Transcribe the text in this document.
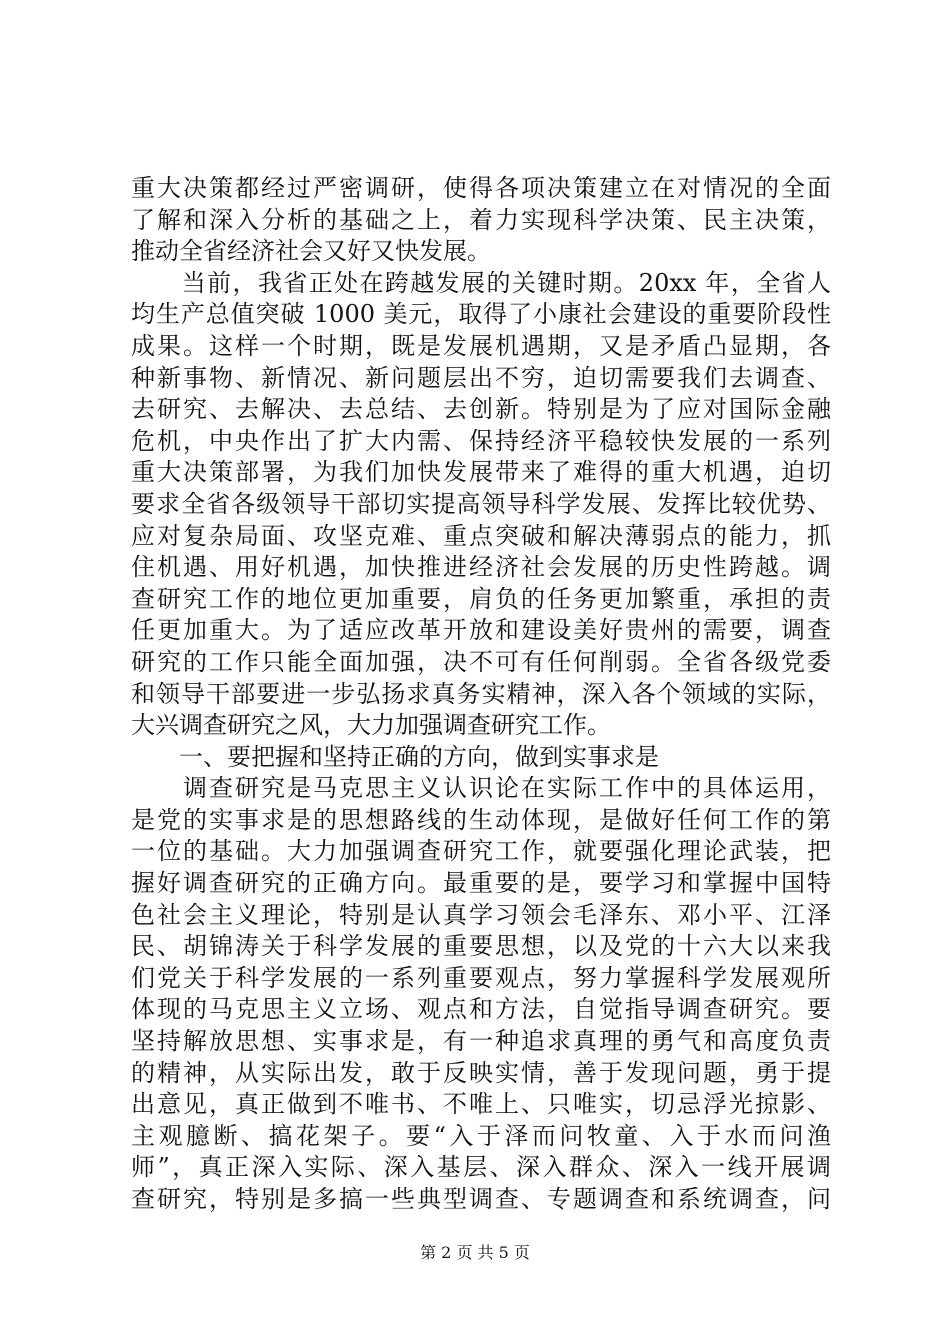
重大决策都经过严密调研，使得各项决策建立在对情况的全面
了解和深入分析的基础之上，着力实现科学决策、民主决策，
推动全省经济社会又好又快发展。
　　当前，我省正处在跨越发展的关键时期。20xx 年，全省人
均生产总值突破 1000 美元，取得了小康社会建设的重要阶段性
成果。这样一个时期，既是发展机遇期，又是矛盾凸显期，各
种新事物、新情况、新问题层出不穷，迫切需要我们去调查、
去研究、去解决、去总结、去创新。特别是为了应对国际金融
危机，中央作出了扩大内需、保持经济平稳较快发展的一系列
重大决策部署，为我们加快发展带来了难得的重大机遇，迫切
要求全省各级领导干部切实提高领导科学发展、发挥比较优势、
应对复杂局面、攻坚克难、重点突破和解决薄弱点的能力，抓
住机遇、用好机遇，加快推进经济社会发展的历史性跨越。调
查研究工作的地位更加重要，肩负的任务更加繁重，承担的责
任更加重大。为了适应改革开放和建设美好贵州的需要，调查
研究的工作只能全面加强，决不可有任何削弱。全省各级党委
和领导干部要进一步弘扬求真务实精神，深入各个领域的实际，
大兴调查研究之风，大力加强调查研究工作。
　　一、要把握和坚持正确的方向，做到实事求是
　　调查研究是马克思主义认识论在实际工作中的具体运用，
是党的实事求是的思想路线的生动体现，是做好任何工作的第
一位的基础。大力加强调查研究工作，就要强化理论武装，把
握好调查研究的正确方向。最重要的是，要学习和掌握中国特
色社会主义理论，特别是认真学习领会毛泽东、邓小平、江泽
民、胡锦涛关于科学发展的重要思想，以及党的十六大以来我
们党关于科学发展的一系列重要观点，努力掌握科学发展观所
体现的马克思主义立场、观点和方法，自觉指导调查研究。要
坚持解放思想、实事求是，有一种追求真理的勇气和高度负责
的精神，从实际出发，敢于反映实情，善于发现问题，勇于提
出意见，真正做到不唯书、不唯上、只唯实，切忌浮光掠影、
主观臆断、搞花架子。要“入于泽而问牧童、入于水而问渔
师”，真正深入实际、深入基层、深入群众、深入一线开展调
查研究，特别是多搞一些典型调查、专题调查和系统调查，问
第 2 页 共 5 页
